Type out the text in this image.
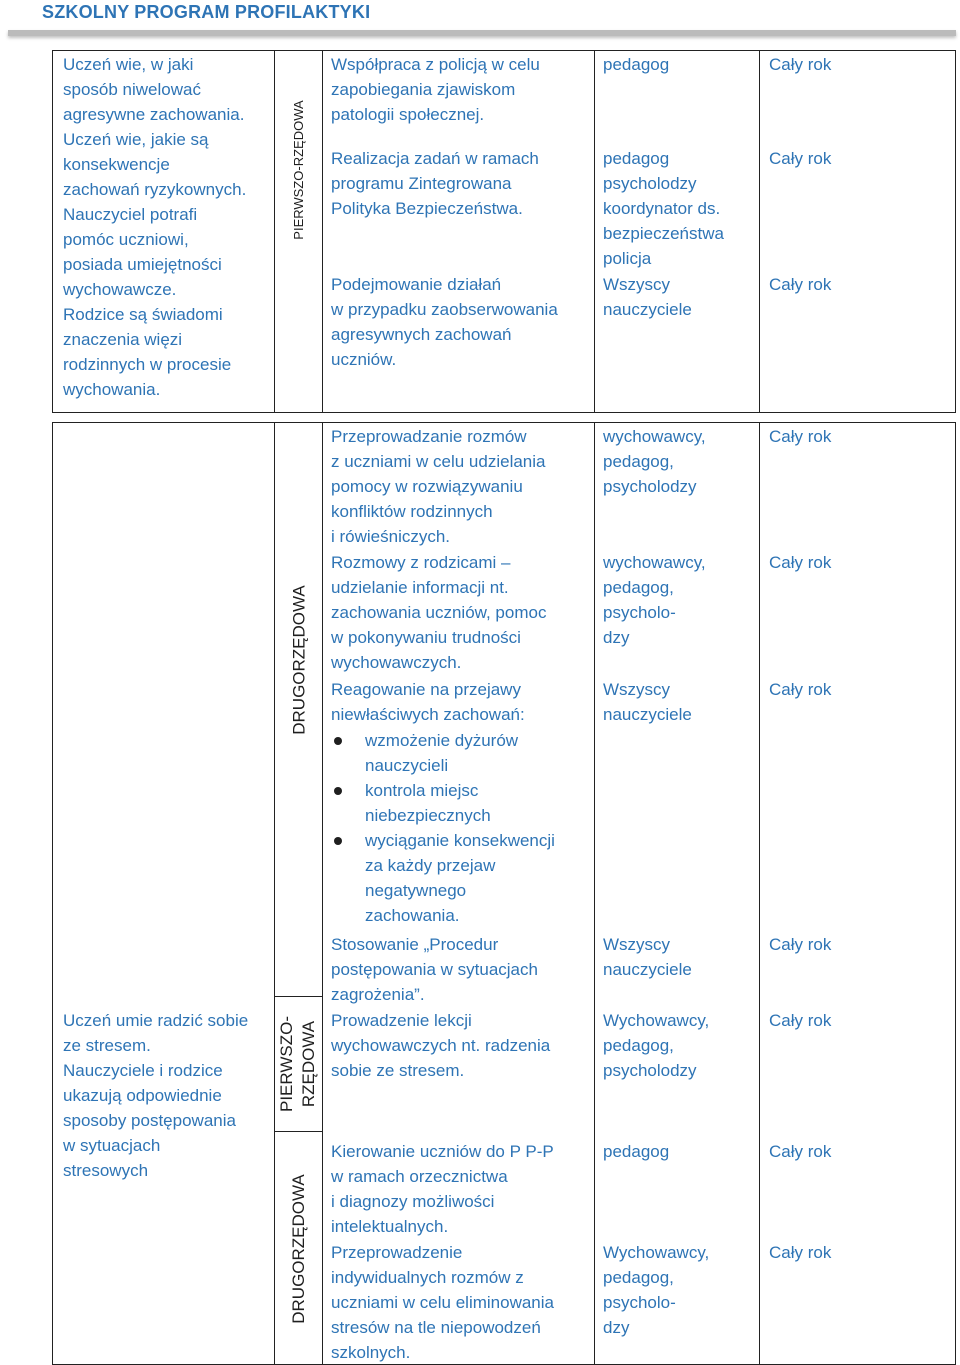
SZKOLNY PROGRAM PROFILAKTYKI
Uczeń wie, w jaki
sposób niwelować
agresywne zachowania.
Uczeń wie, jakie są
konsekwencje
zachowań ryzykownych.
Nauczyciel potrafi
pomóc uczniowi,
posiada umiejętności
wychowawcze.
Rodzice są świadomi
znaczenia więzi
rodzinnych w procesie
wychowania.
PIERWSZO-RZĘDOWA
Współpraca z policją w celu
zapobiegania zjawiskom
patologii społecznej.
Realizacja zadań w ramach
programu Zintegrowana
Polityka Bezpieczeństwa.
Podejmowanie działań
w przypadku zaobserwowania
agresywnych zachowań
uczniów.
pedagog
pedagog
psycholodzy
koordynator ds.
bezpieczeństwa
policja
Wszyscy
nauczyciele
Cały rok
Cały rok
Cały rok
Uczeń umie radzić sobie
ze stresem.
Nauczyciele i rodzice
ukazują odpowiednie
sposoby postępowania
w sytuacjach
stresowych
DRUGORZĘDOWA
PIERWSZO-
RZĘDOWA
DRUGORZĘDOWA
Przeprowadzanie rozmów
z uczniami w celu udzielania
pomocy w rozwiązywaniu
konfliktów rodzinnych
i rówieśniczych.
Rozmowy z rodzicami –
udzielanie informacji nt.
zachowania uczniów, pomoc
w pokonywaniu trudności
wychowawczych.
Reagowanie na przejawy
niewłaściwych zachowań:
wzmożenie dyżurów
nauczycieli
kontrola miejsc
niebezpiecznych
wyciąganie konsekwencji
za każdy przejaw
negatywnego
zachowania.
Stosowanie „Procedur
postępowania w sytuacjach
zagrożenia”.
Prowadzenie lekcji
wychowawczych nt. radzenia
sobie ze stresem.
Kierowanie uczniów do P P-P
w ramach orzecznictwa
i diagnozy możliwości
intelektualnych.
Przeprowadzenie
indywidualnych rozmów z
uczniami w celu eliminowania
stresów na tle niepowodzeń
szkolnych.
wychowawcy,
pedagog,
psycholodzy
wychowawcy,
pedagog,
psycholo-
dzy
Wszyscy
nauczyciele
Wszyscy
nauczyciele
Wychowawcy,
pedagog,
psycholodzy
pedagog
Wychowawcy,
pedagog,
psycholo-
dzy
Cały rok
Cały rok
Cały rok
Cały rok
Cały rok
Cały rok
Cały rok
